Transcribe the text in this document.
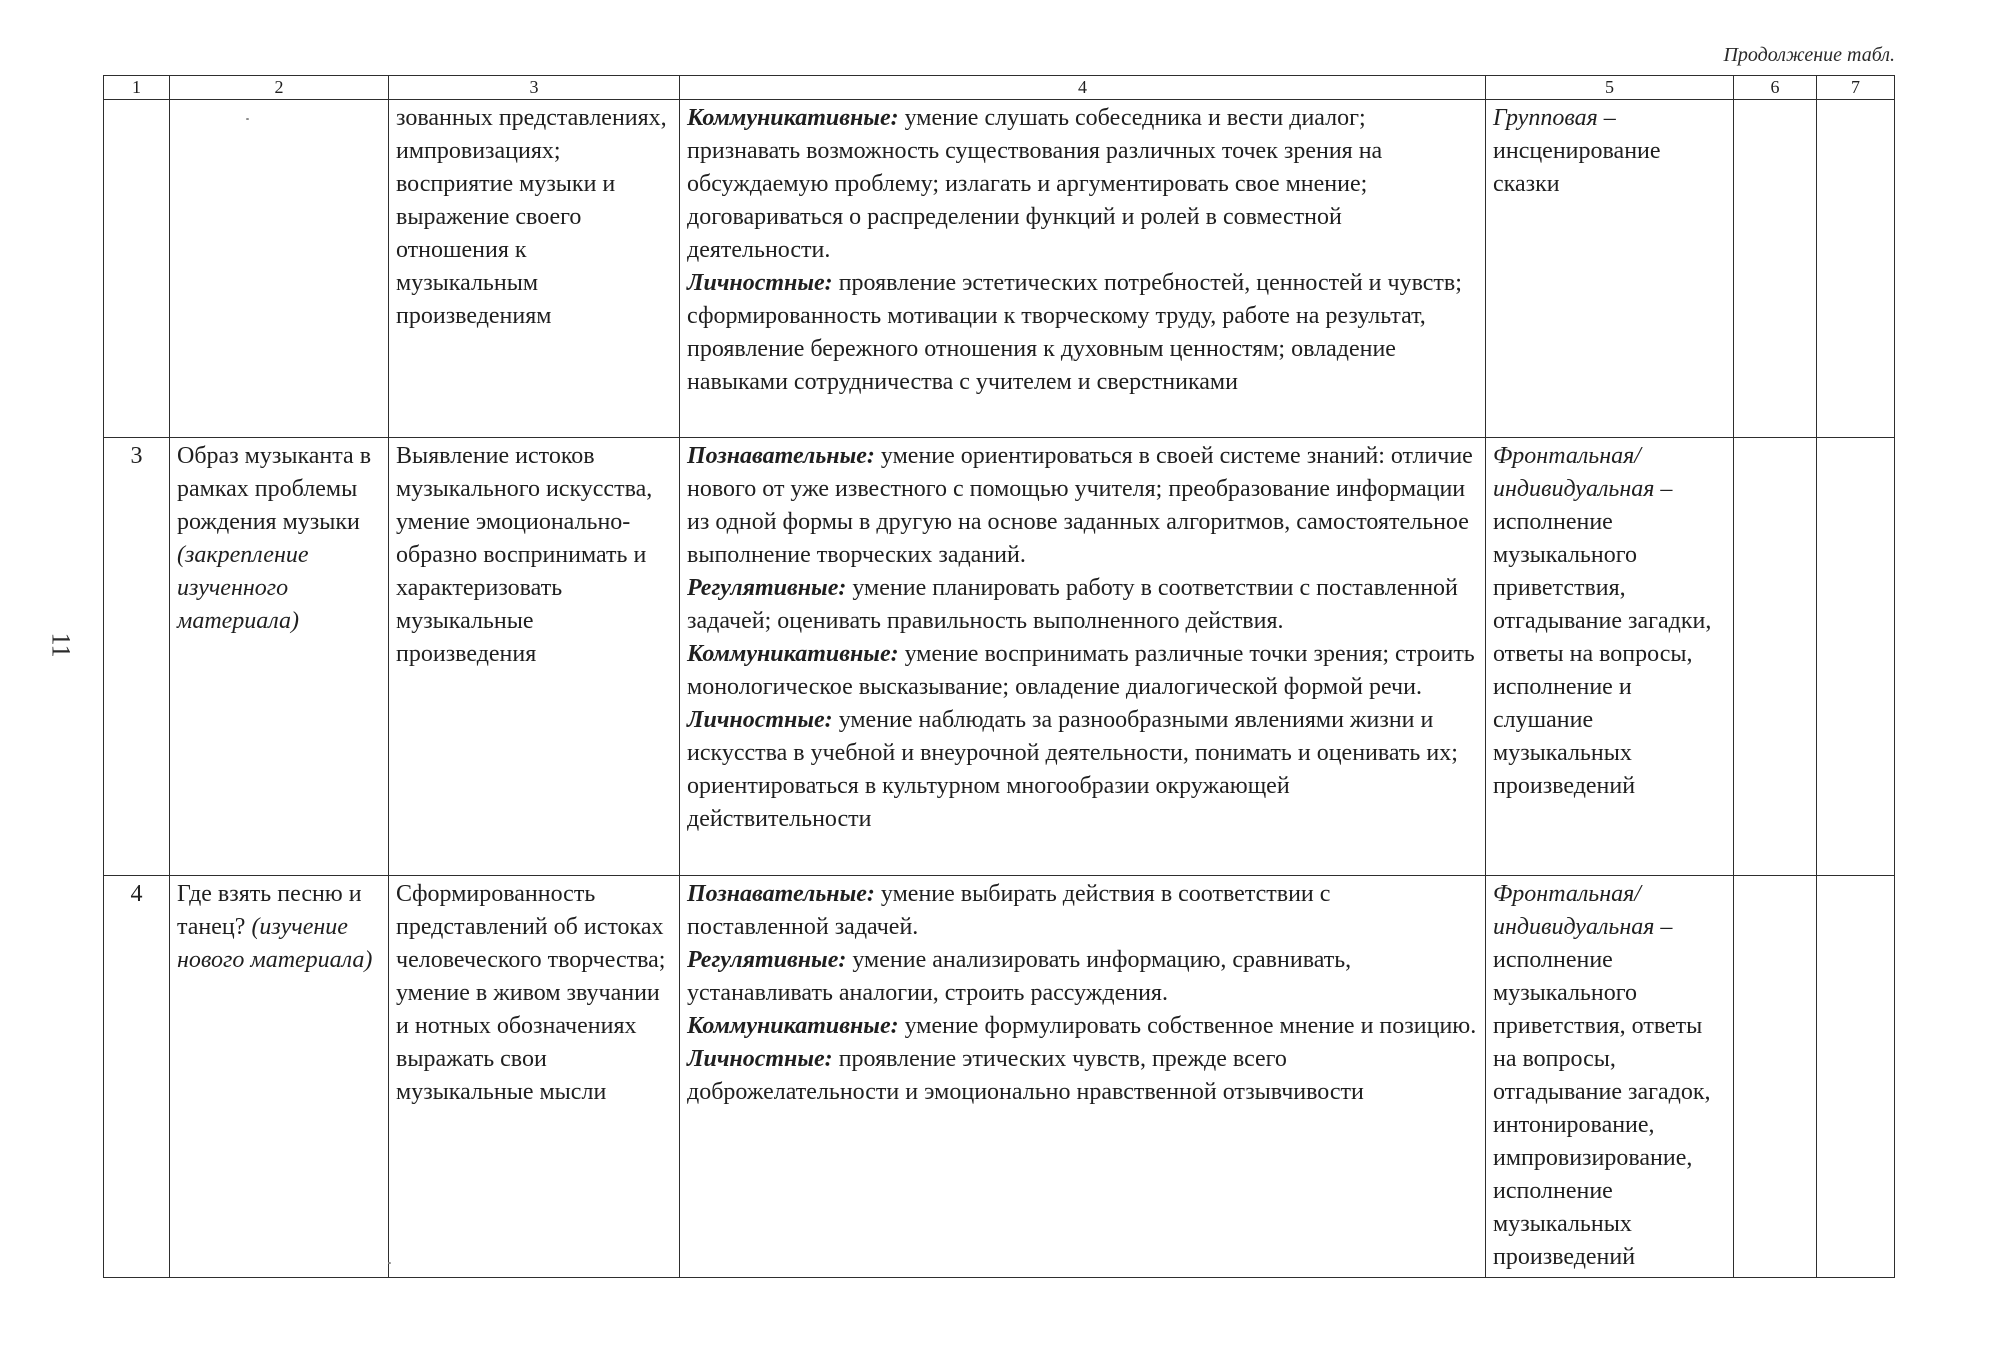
Продолжение табл.
11
1	2	3	4	5	6	7
		зованных представлениях, импровизациях; восприятие музыки и выражение своего отношения к музыкальным произведениям	Коммуникативные: умение слушать собеседника и вести диалог; признавать возможность существования различных точек зрения на обсуждаемую проблему; излагать и аргументировать свое мнение; договариваться о распределении функций и ролей в совместной деятельности.
Личностные: проявление эстетических потребностей, ценностей и чувств; сформированность мотивации к творческому труду, работе на результат, проявление бережного отношения к духовным ценностям; овладение навыками сотрудничества с учителем и сверстниками	Групповая – инсценирование сказки		
3	Образ музыканта в рамках проблемы рождения музыки (закрепление изученного материала)	Выявление истоков музыкального искусства, умение эмоционально-образно воспринимать и характеризовать музыкальные произведения	Познавательные: умение ориентироваться в своей системе знаний: отличие нового от уже известного с помощью учителя; преобразование информации из одной формы в другую на основе заданных алгоритмов, самостоятельное выполнение творческих заданий.
Регулятивные: умение планировать работу в соответствии с поставленной задачей; оценивать правильность выполненного действия.
Коммуникативные: умение воспринимать различные точки зрения; строить монологическое высказывание; овладение диалогической формой речи.
Личностные: умение наблюдать за разнообразными явлениями жизни и искусства в учебной и внеурочной деятельности, понимать и оценивать их; ориентироваться в культурном многообразии окружающей действительности	Фронтальная/ индивидуальная – исполнение музыкального приветствия, отгадывание загадки, ответы на вопросы, исполнение и слушание музыкальных произведений		
4	Где взять песню и танец? (изучение нового материала)	Сформированность представлений об истоках человеческого творчества; умение в живом звучании и нотных обозначениях выражать свои музыкальные мысли	Познавательные: умение выбирать действия в соответствии с поставленной задачей.
Регулятивные: умение анализировать информацию, сравнивать, устанавливать аналогии, строить рассуждения.
Коммуникативные: умение формулировать собственное мнение и позицию.
Личностные: проявление этических чувств, прежде всего доброжелательности и эмоционально нравственной отзывчивости	Фронтальная/ индивидуальная – исполнение музыкального приветствия, ответы на вопросы, отгадывание загадок, интонирование, импровизирование, исполнение музыкальных произведений		
